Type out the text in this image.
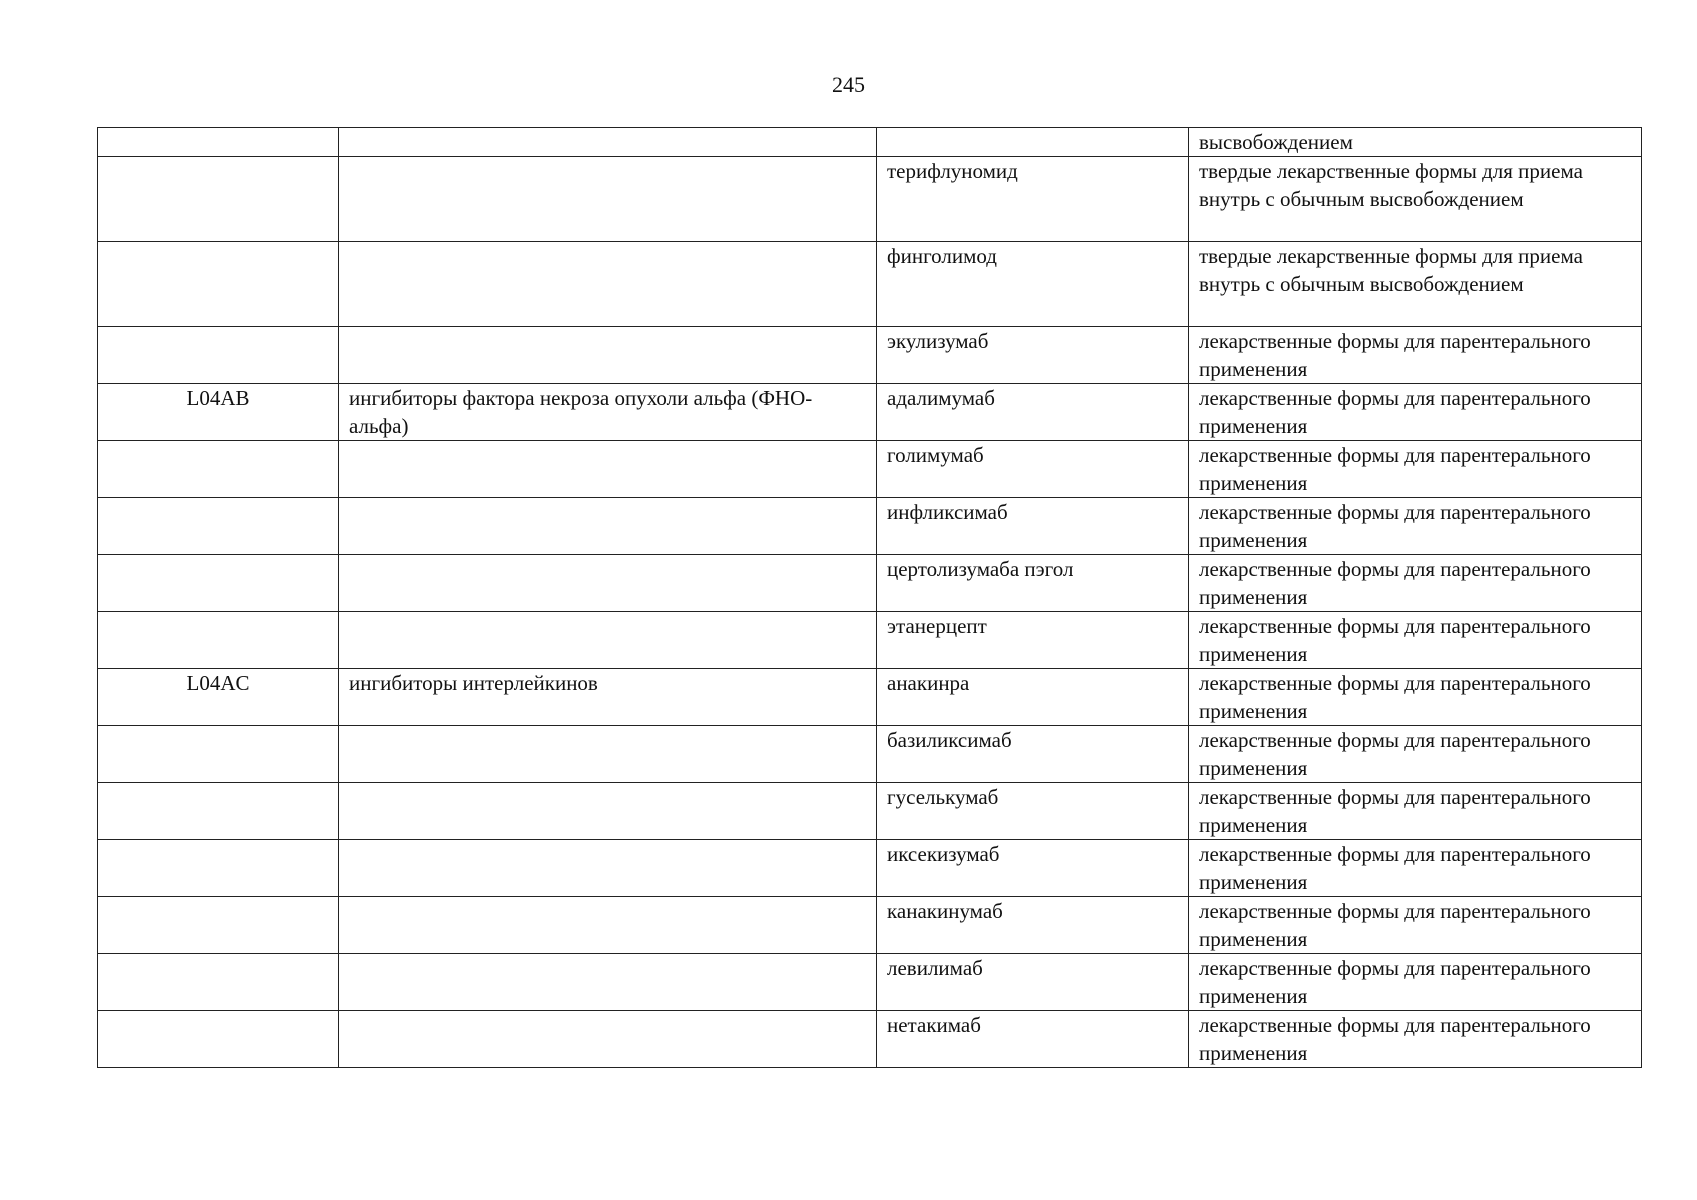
245
			высвобождением
		терифлуномид	твердые лекарственные формы для приема внутрь с обычным высвобождением
		финголимод	твердые лекарственные формы для приема внутрь с обычным высвобождением
		экулизумаб	лекарственные формы для парентерального применения
L04AB	ингибиторы фактора некроза опухоли альфа (ФНО-альфа)	адалимумаб	лекарственные формы для парентерального применения
		голимумаб	лекарственные формы для парентерального применения
		инфликсимаб	лекарственные формы для парентерального применения
		цертолизумаба пэгол	лекарственные формы для парентерального применения
		этанерцепт	лекарственные формы для парентерального применения
L04AC	ингибиторы интерлейкинов	анакинра	лекарственные формы для парентерального применения
		базиликсимаб	лекарственные формы для парентерального применения
		гуселькумаб	лекарственные формы для парентерального применения
		иксекизумаб	лекарственные формы для парентерального применения
		канакинумаб	лекарственные формы для парентерального применения
		левилимаб	лекарственные формы для парентерального применения
		нетакимаб	лекарственные формы для парентерального применения
